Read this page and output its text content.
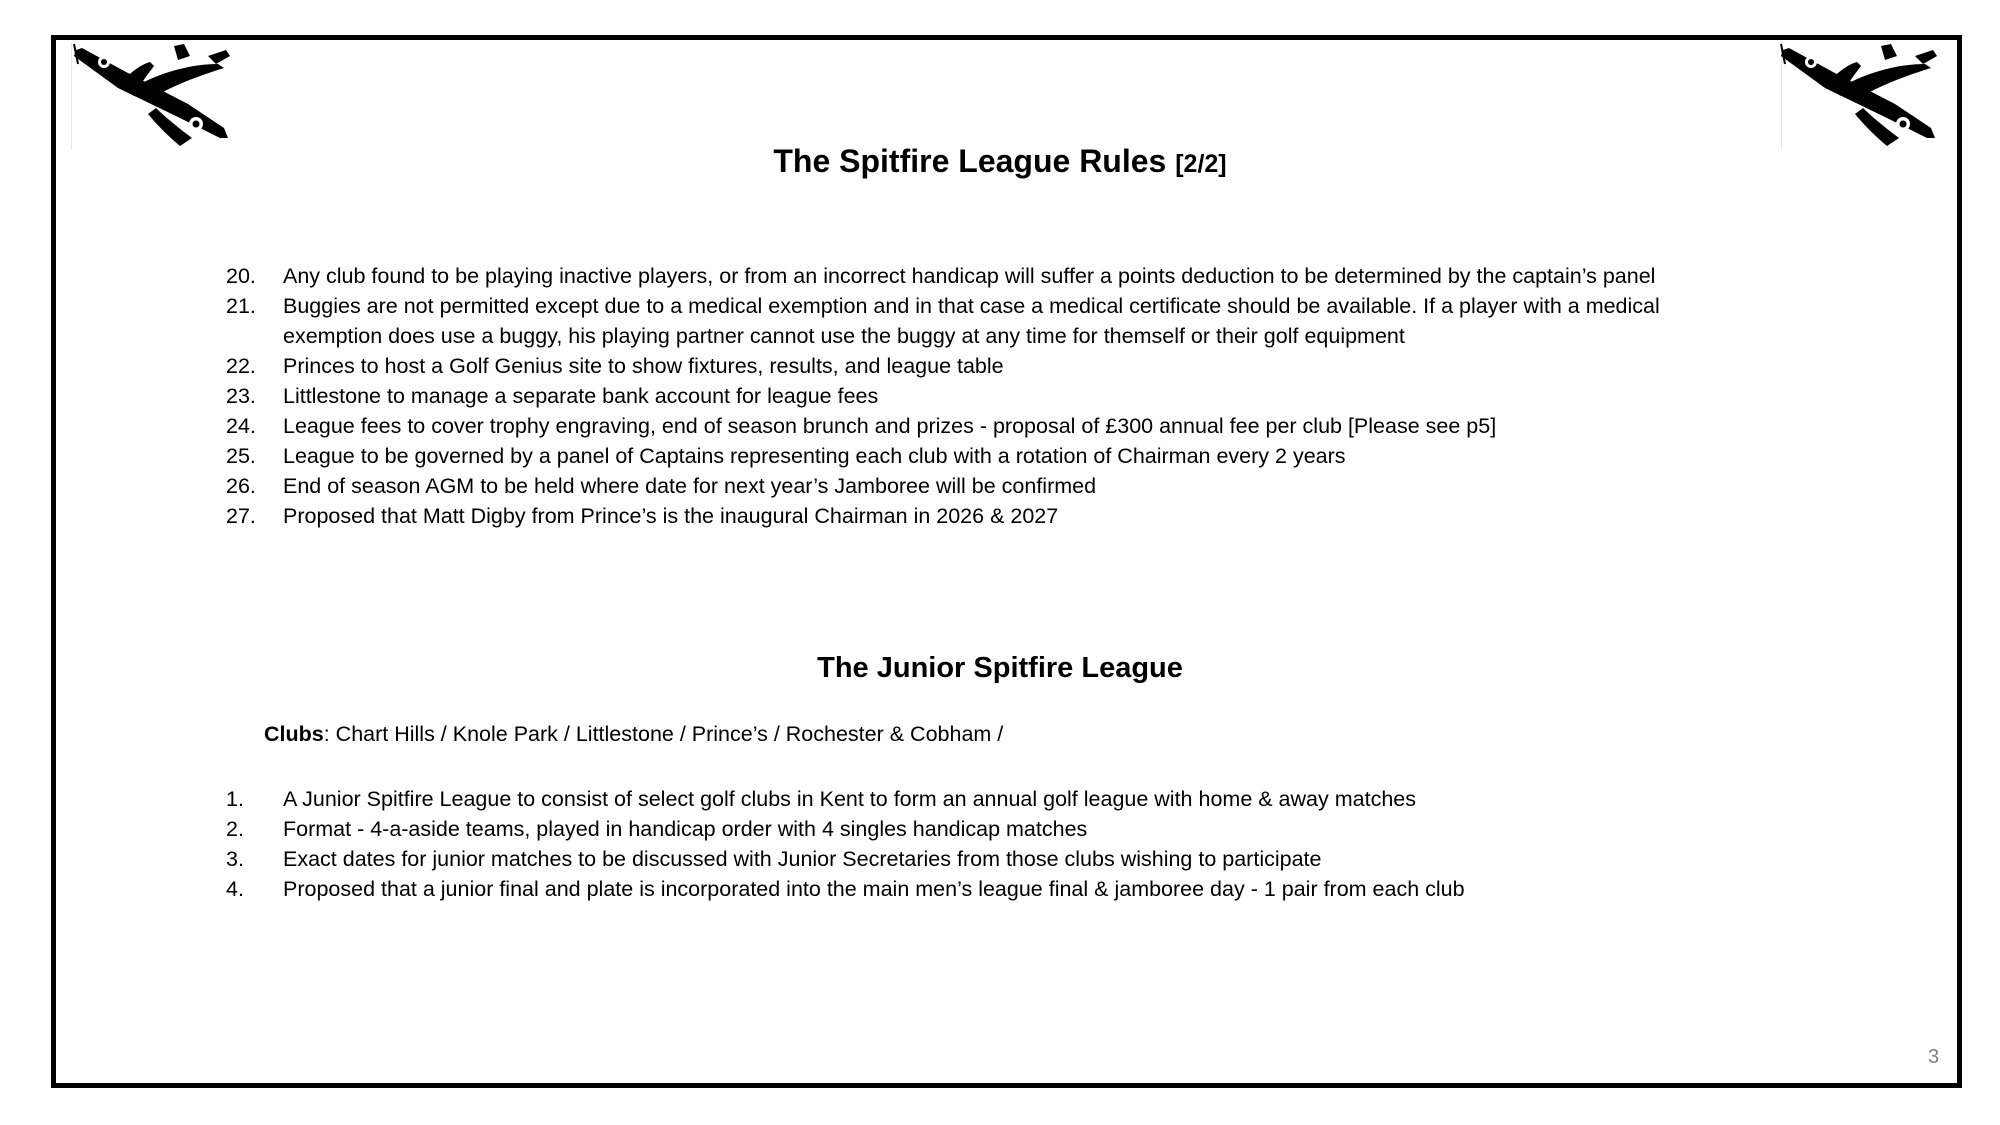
The Spitfire League Rules [2/2]
20.	Any club found to be playing inactive players, or from an incorrect handicap will suffer a points deduction to be determined by the captain’s panel
21.	Buggies are not permitted except due to a medical exemption and in that case a medical certificate should be available. If a player with a medical
exemption does use a buggy, his playing partner cannot use the buggy at any time for themself or their golf equipment
22.	Princes to host a Golf Genius site to show fixtures, results, and league table
23.	Littlestone to manage a separate bank account for league fees
24.	League fees to cover trophy engraving, end of season brunch and prizes - proposal of £300 annual fee per club [Please see p5]
25.	League to be governed by a panel of Captains representing each club with a rotation of Chairman every 2 years
26.	End of season AGM to be held where date for next year’s Jamboree will be confirmed
27.	Proposed that Matt Digby from Prince’s is the inaugural Chairman in 2026 & 2027
The Junior Spitfire League
Clubs: Chart Hills / Knole Park / Littlestone / Prince’s / Rochester & Cobham /
1.	A Junior Spitfire League to consist of select golf clubs in Kent to form an annual golf league with home & away matches
2.	Format - 4-a-aside teams, played in handicap order with 4 singles handicap matches
3.	Exact dates for junior matches to be discussed with Junior Secretaries from those clubs wishing to participate
4.	Proposed that a junior final and plate is incorporated into the main men’s league final & jamboree day - 1 pair from each club
3
